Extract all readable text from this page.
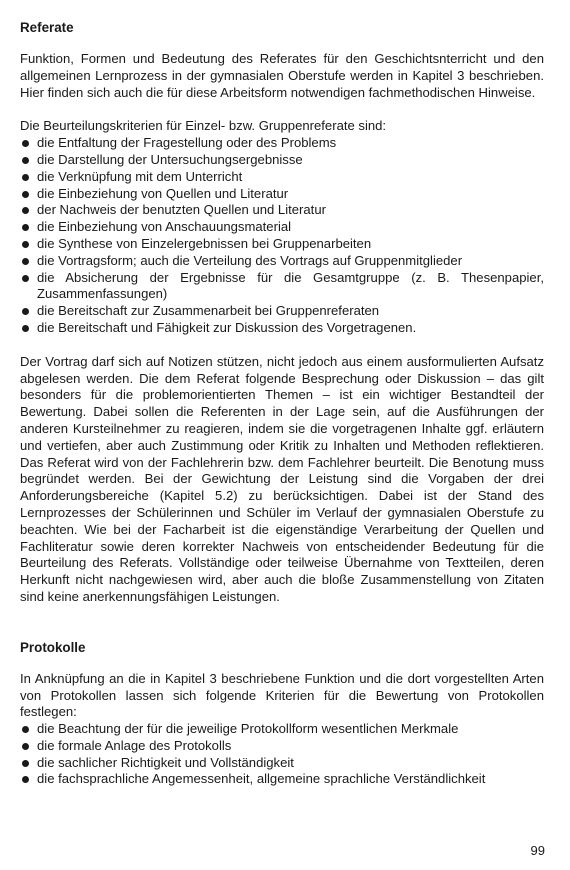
Referate

Funktion, Formen und Bedeutung des Referates für den Geschichtsnterricht und den allgemeinen Lernprozess in der gymnasialen Oberstufe werden in Kapitel 3 beschrieben. Hier finden sich auch die für diese Arbeitsform notwendigen fachmethodischen Hinweise.

Die Beurteilungskriterien für Einzel- bzw. Gruppenreferate sind:

die Entfaltung der Fragestellung oder des Problems
die Darstellung der Untersuchungsergebnisse
die Verknüpfung mit dem Unterricht
die Einbeziehung von Quellen und Literatur
der Nachweis der benutzten Quellen und Literatur
die Einbeziehung von Anschauungsmaterial
die Synthese von Einzelergebnissen bei Gruppenarbeiten
die Vortragsform; auch die Verteilung des Vortrags auf Gruppenmitglieder
die Absicherung der Ergebnisse für die Gesamtgruppe (z. B. Thesenpapier, Zusammenfassungen)
die Bereitschaft zur Zusammenarbeit bei Gruppenreferaten
die Bereitschaft und Fähigkeit zur Diskussion des Vorgetragenen.

Der Vortrag darf sich auf Notizen stützen, nicht jedoch aus einem ausformulierten Aufsatz abgelesen werden. Die dem Referat folgende Besprechung oder Diskussion – das gilt besonders für die problemorientierten Themen – ist ein wichtiger Bestandteil der Bewertung. Dabei sollen die Referenten in der Lage sein, auf die Ausführungen der anderen Kursteilnehmer zu reagieren, indem sie die vorgetragenen Inhalte ggf. erläutern und vertiefen, aber auch Zustimmung oder Kritik zu Inhalten und Methoden reflektieren. Das Referat wird von der Fachlehrerin bzw. dem Fachlehrer beurteilt. Die Benotung muss begründet werden. Bei der Gewichtung der Leistung sind die Vorgaben der drei Anforderungsbereiche (Kapitel 5.2) zu berücksichtigen. Dabei ist der Stand des Lernprozesses der Schülerinnen und Schüler im Verlauf der gymnasialen Oberstufe zu beachten. Wie bei der Facharbeit ist die eigenständige Verarbeitung der Quellen und Fachliteratur sowie deren korrekter Nachweis von entscheidender Bedeutung für die Beurteilung des Referats. Vollständige oder teilweise Übernahme von Textteilen, deren Herkunft nicht nachgewiesen wird, aber auch die bloße Zusammenstellung von Zitaten sind keine anerkennungsfähigen Leistungen.

Protokolle

In Anknüpfung an die in Kapitel 3 beschriebene Funktion und die dort vorgestellten Arten von Protokollen lassen sich folgende Kriterien für die Bewertung von Protokollen festlegen:

die Beachtung der für die jeweilige Protokollform wesentlichen Merkmale
die formale Anlage des Protokolls
die sachlicher Richtigkeit und Vollständigkeit
die fachsprachliche Angemessenheit, allgemeine sprachliche Verständlichkeit
99
